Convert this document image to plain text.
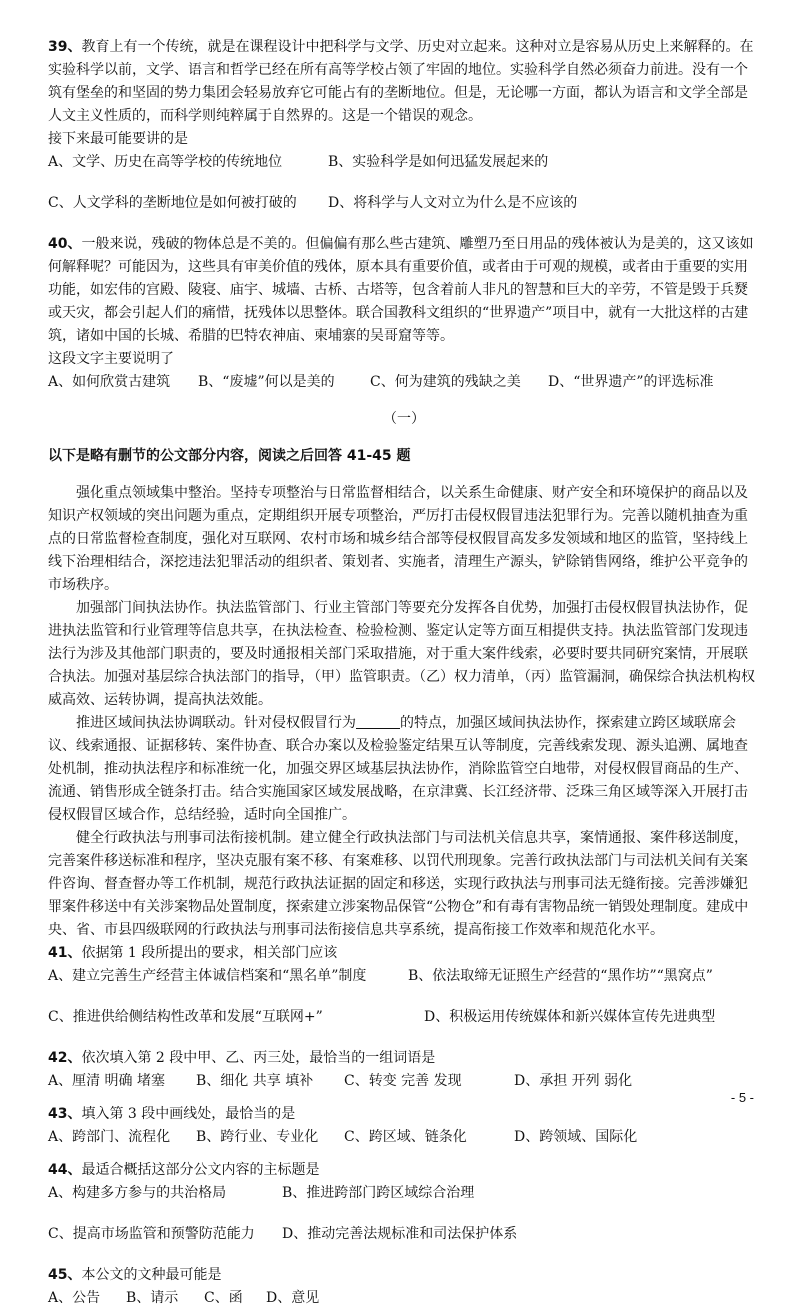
39、教育上有一个传统，就是在课程设计中把科学与文学、历史对立起来。这种对立是容易从历史上来解释的。在实验科学以前，文学、语言和哲学已经在所有高等学校占领了牢固的地位。实验科学自然必须奋力前进。没有一个筑有堡垒的和坚固的势力集团会轻易放弃它可能占有的垄断地位。但是，无论哪一方面，都认为语言和文学全部是人文主义性质的，而科学则纯粹属于自然界的。这是一个错误的观念。

接下来最可能要讲的是

A、文学、历史在高等学校的传统地位	B、实验科学是如何迅猛发展起来的

C、人文学科的垄断地位是如何被打破的 D、将科学与人文对立为什么是不应该的

40、一般来说，残破的物体总是不美的。但偏偏有那么些古建筑、雕塑乃至日用品的残体被认为是美的，这又该如何解释呢？可能因为，这些具有审美价值的残体，原本具有重要价值，或者由于可观的规模，或者由于重要的实用功能，如宏伟的宫殿、陵寝、庙宇、城墙、古桥、古塔等，包含着前人非凡的智慧和巨大的辛劳，不管是毁于兵燹或天灾，都会引起人们的痛惜，抚残体以思整体。联合国教科文组织的“世界遗产”项目中，就有一大批这样的古建筑，诸如中国的长城、希腊的巴特农神庙、柬埔寨的吴哥窟等等。

这段文字主要说明了

A、如何欣赏古建筑 B、“废墟”何以是美的	C、何为建筑的残缺之美 D、“世界遗产”的评选标准

（一）

以下是略有删节的公文部分内容，阅读之后回答 41-45 题

强化重点领域集中整治。坚持专项整治与日常监督相结合，以关系生命健康、财产安全和环境保护的商品以及知识产权领域的突出问题为重点，定期组织开展专项整治，严厉打击侵权假冒违法犯罪行为。完善以随机抽查为重点的日常监督检查制度，强化对互联网、农村市场和城乡结合部等侵权假冒高发多发领域和地区的监管，坚持线上线下治理相结合，深挖违法犯罪活动的组织者、策划者、实施者，清理生产源头，铲除销售网络，维护公平竞争的市场秩序。

加强部门间执法协作。执法监管部门、行业主管部门等要充分发挥各自优势，加强打击侵权假冒执法协作，促进执法监管和行业管理等信息共享，在执法检查、检验检测、鉴定认定等方面互相提供支持。执法监管部门发现违法行为涉及其他部门职责的，要及时通报相关部门采取措施，对于重大案件线索，必要时要共同研究案情，开展联合执法。加强对基层综合执法部门的指导，（甲）监管职责。（乙）权力清单，（丙）监管漏洞，确保综合执法机构权威高效、运转协调，提高执法效能。

推进区域间执法协调联动。针对侵权假冒行为	的特点，加强区域间执法协作，探索建立跨区域联席会议、线索通报、证据移转、案件协查、联合办案以及检验鉴定结果互认等制度，完善线索发现、源头追溯、属地查处机制，推动执法程序和标准统一化，加强交界区域基层执法协作，消除监管空白地带，对侵权假冒商品的生产、流通、销售形成全链条打击。结合实施国家区域发展战略，在京津冀、长江经济带、泛珠三角区域等深入开展打击侵权假冒区域合作，总结经验，适时向全国推广。

健全行政执法与刑事司法衔接机制。建立健全行政执法部门与司法机关信息共享，案情通报、案件移送制度，完善案件移送标准和程序，坚决克服有案不移、有案难移、以罚代刑现象。完善行政执法部门与司法机关间有关案件咨询、督查督办等工作机制，规范行政执法证据的固定和移送，实现行政执法与刑事司法无缝衔接。完善涉嫌犯罪案件移送中有关涉案物品处置制度，探索建立涉案物品保管“公物仓”和有毒有害物品统一销毁处理制度。建成中央、省、市县四级联网的行政执法与刑事司法衔接信息共享系统，提高衔接工作效率和规范化水平。

41、依据第 1 段所提出的要求，相关部门应该

A、建立完善生产经营主体诚信档案和“黑名单”制度	B、依法取缔无证照生产经营的“黑作坊”“黑窝点”

C、推进供给侧结构性改革和发展“互联网+”	D、积极运用传统媒体和新兴媒体宣传先进典型

42、依次填入第 2 段中甲、乙、丙三处，最恰当的一组词语是

A、厘清 明确 堵塞 B、细化 共享 填补 C、转变 完善 发现	D、承担 开列 弱化

43、填入第 3 段中画线处，最恰当的是

A、跨部门、流程化 B、跨行业、专业化 C、跨区域、链条化	D、跨领域、国际化

44、最适合概括这部分公文内容的主标题是

A、构建多方参与的共治格局	B、推进跨部门跨区域综合治理

C、提高市场监管和预警防范能力 D、推动完善法规标准和司法保护体系

45、本公文的文种最可能是

A、公告 B、请示 C、函 D、意见

- 5 -
